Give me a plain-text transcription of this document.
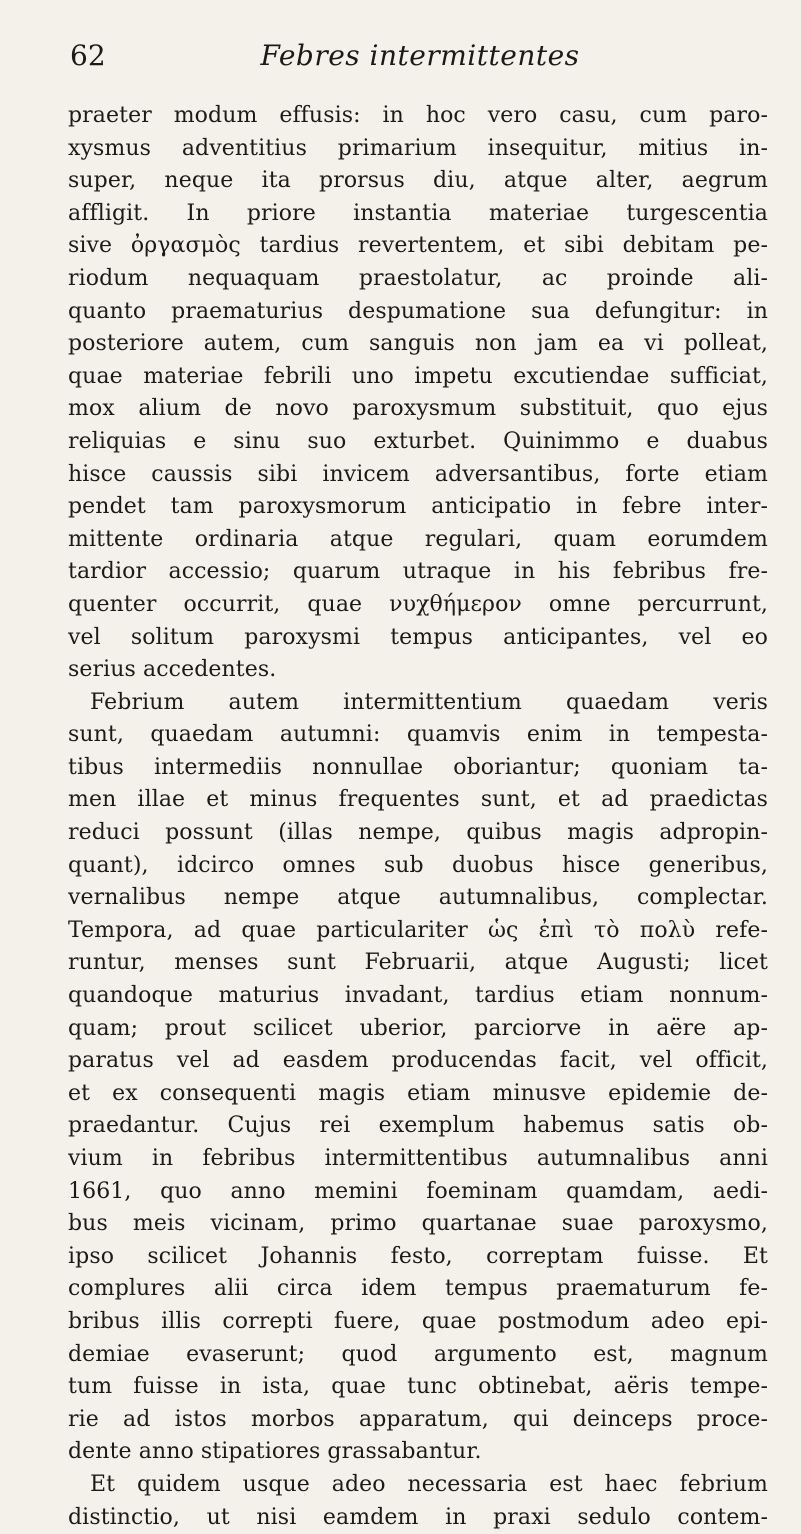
62	Febres intermittentes
praeter modum effusis: in hoc vero casu, cum paro-
xysmus adventitius primarium insequitur, mitius in-
super, neque ita prorsus diu, atque alter, aegrum
affligit. In priore instantia materiae turgescentia
sive ὀργασμὸς tardius revertentem, et sibi debitam pe-
riodum nequaquam praestolatur, ac proinde ali-
quanto praematurius despumatione sua defungitur: in
posteriore autem, cum sanguis non jam ea vi polleat,
quae materiae febrili uno impetu excutiendae sufficiat,
mox alium de novo paroxysmum substituit, quo ejus
reliquias e sinu suo exturbet. Quinimmo e duabus
hisce caussis sibi invicem adversantibus, forte etiam
pendet tam paroxysmorum anticipatio in febre inter-
mittente ordinaria atque regulari, quam eorumdem
tardior accessio; quarum utraque in his febribus fre-
quenter occurrit, quae νυχθήμερον omne percurrunt,
vel solitum paroxysmi tempus anticipantes, vel eo
serius accedentes.
Febrium autem intermittentium quaedam veris
sunt, quaedam autumni: quamvis enim in tempesta-
tibus intermediis nonnullae oboriantur; quoniam ta-
men illae et minus frequentes sunt, et ad praedictas
reduci possunt (illas nempe, quibus magis adpropin-
quant), idcirco omnes sub duobus hisce generibus,
vernalibus nempe atque autumnalibus, complectar.
Tempora, ad quae particulariter ὡς ἐπὶ τὸ πολὺ refe-
runtur, menses sunt Februarii, atque Augusti; licet
quandoque maturius invadant, tardius etiam nonnum-
quam; prout scilicet uberior, parciorve in aëre ap-
paratus vel ad easdem producendas facit, vel officit,
et ex consequenti magis etiam minusve epidemie de-
praedantur. Cujus rei exemplum habemus satis ob-
vium in febribus intermittentibus autumnalibus anni
1661, quo anno memini foeminam quamdam, aedi-
bus meis vicinam, primo quartanae suae paroxysmo,
ipso scilicet Johannis festo, correptam fuisse. Et
complures alii circa idem tempus praematurum fe-
bribus illis correpti fuere, quae postmodum adeo epi-
demiae evaserunt; quod argumento est, magnum
tum fuisse in ista, quae tunc obtinebat, aëris tempe-
rie ad istos morbos apparatum, qui deinceps proce-
dente anno stipatiores grassabantur.
Et quidem usque adeo necessaria est haec febrium
distinctio, ut nisi eamdem in praxi sedulo contem-
